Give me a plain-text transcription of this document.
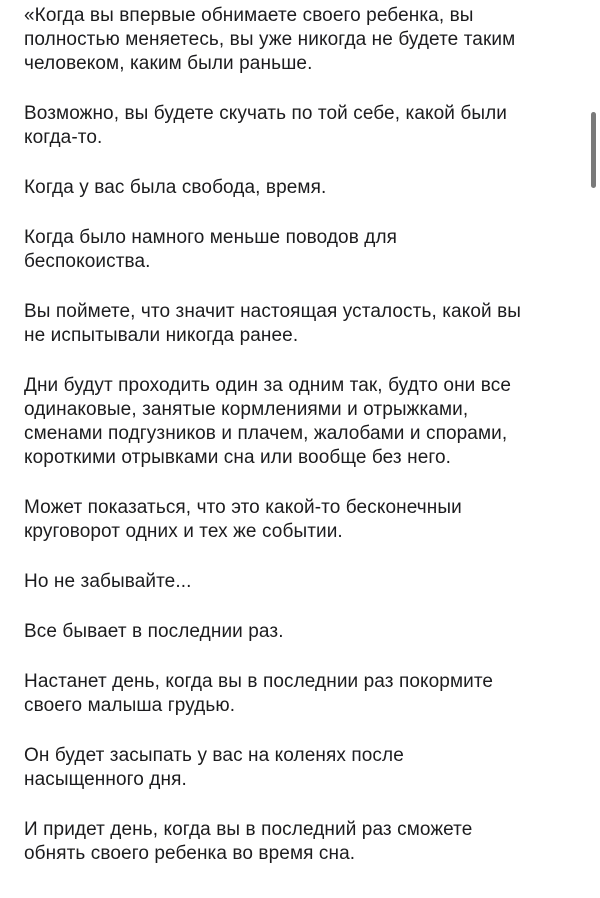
«Когда вы впервые обнимаете своего ребенка, вы
полностью меняетесь, вы уже никогда не будете таким
человеком, каким были раньше.

Возможно, вы будете скучать по той себе, какой были
когда-то.

Когда у вас была свобода, время.

Когда было намного меньше поводов для
беспокоиства.

Вы поймете, что значит настоящая усталость, какой вы
не испытывали никогда ранее.

Дни будут проходить один за одним так, будто они все
одинаковые, занятые кормлениями и отрыжками,
сменами подгузников и плачем, жалобами и спорами,
короткими отрывками сна или вообще без него.

Может показаться, что это какой-то бесконечныи
круговорот одних и тех же событии.

Но не забывайте...

Все бывает в последнии раз.

Настанет день, когда вы в последнии раз покормите
своего малыша грудью.

Он будет засыпать у вас на коленях после
насыщенного дня.

И придет день, когда вы в последний раз сможете
обнять своего ребенка во время сна.
